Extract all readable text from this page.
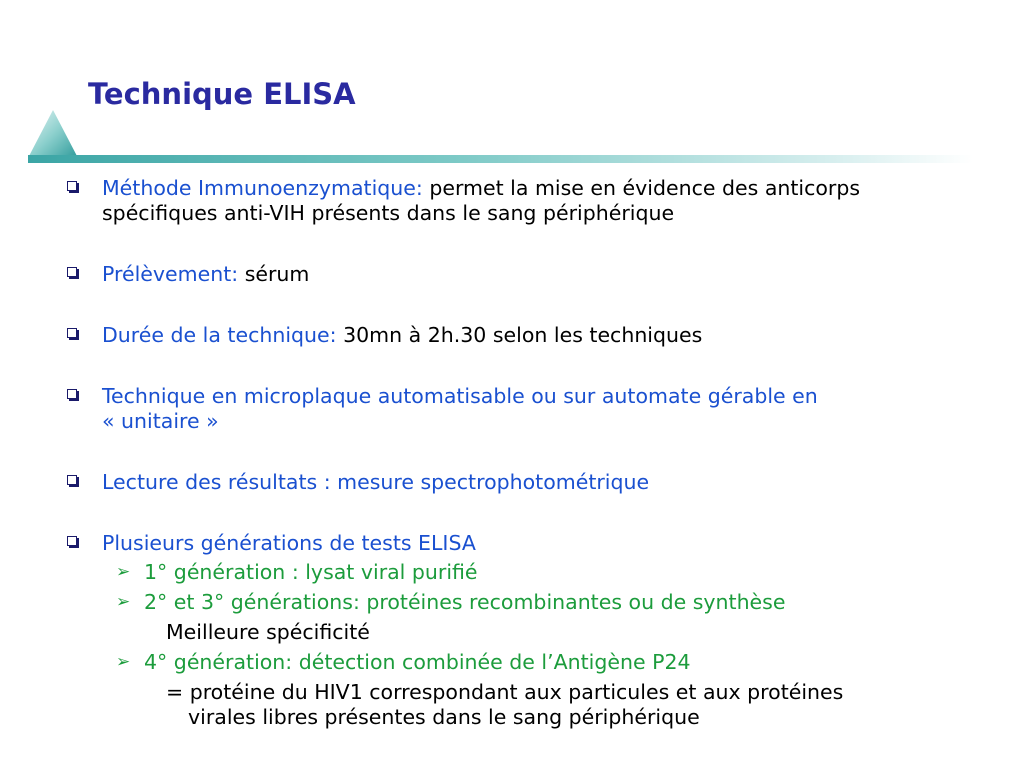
Technique ELISA
Méthode Immunoenzymatique: permet la mise en évidence des anticorps
spécifiques anti-VIH présents dans le sang périphérique
Prélèvement: sérum
Durée de la technique: 30mn à 2h.30 selon les techniques
Technique en microplaque automatisable ou sur automate gérable en
« unitaire »
Lecture des résultats : mesure spectrophotométrique
Plusieurs générations de tests ELISA
➢ 1° génération : lysat viral purifié
➢ 2° et 3° générations: protéines recombinantes ou de synthèse
Meilleure spécificité
➢ 4° génération: détection combinée de l’Antigène P24
= protéine du HIV1 correspondant aux particules et aux protéines
virales libres présentes dans le sang périphérique
